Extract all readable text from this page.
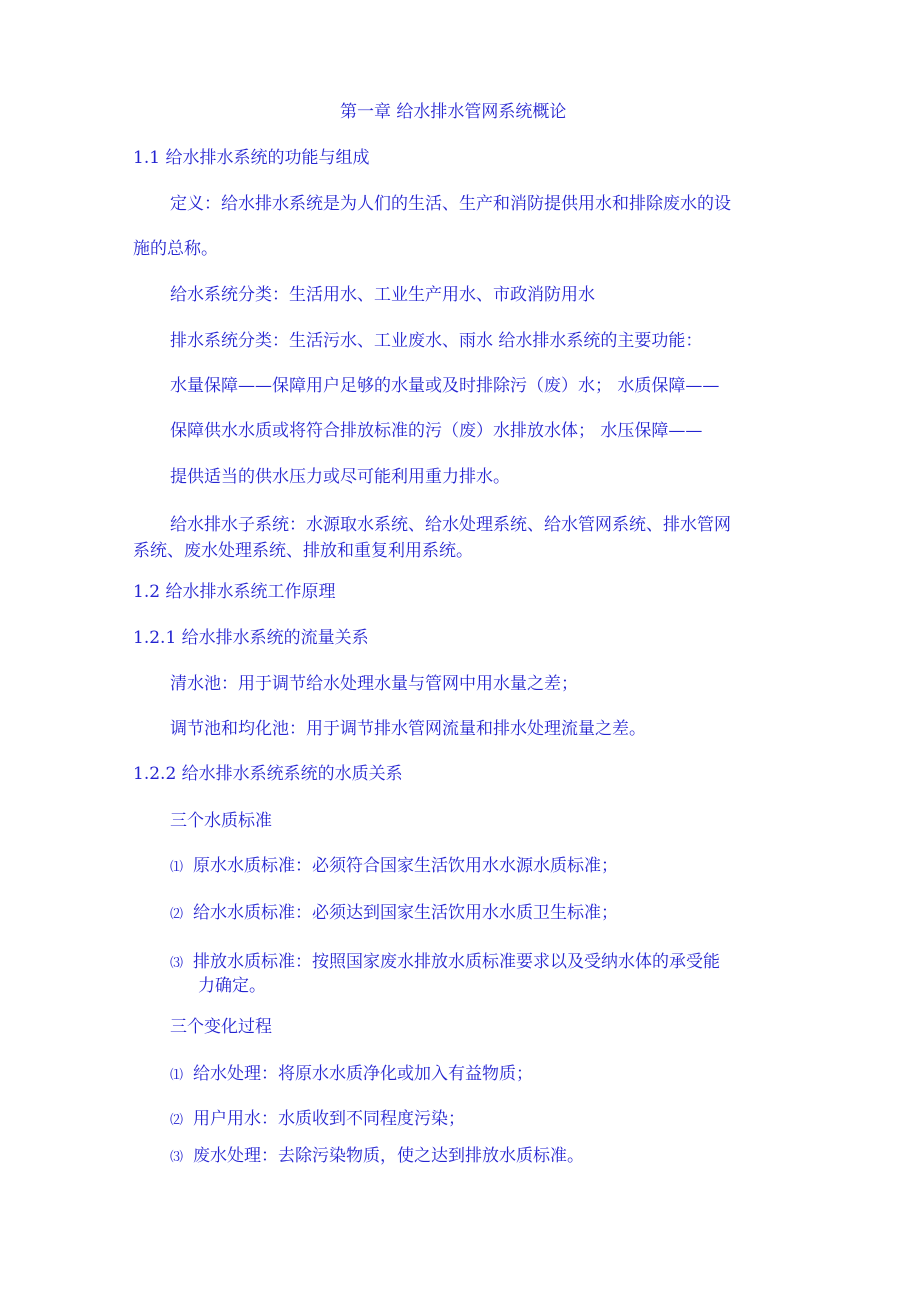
第一章 给水排水管网系统概论

1.1 给水排水系统的功能与组成

定义：给水排水系统是为人们的生活、生产和消防提供用水和排除废水的设

施的总称。

给水系统分类：生活用水、工业生产用水、市政消防用水

排水系统分类：生活污水、工业废水、雨水 给水排水系统的主要功能：

水量保障——保障用户足够的水量或及时排除污（废）水； 水质保障——

保障供水水质或将符合排放标准的污（废）水排放水体； 水压保障——

提供适当的供水压力或尽可能利用重力排水。

给水排水子系统：水源取水系统、给水处理系统、给水管网系统、排水管网

系统、废水处理系统、排放和重复利用系统。

1.2 给水排水系统工作原理

1.2.1 给水排水系统的流量关系

清水池：用于调节给水处理水量与管网中用水量之差；

调节池和均化池：用于调节排水管网流量和排水处理流量之差。

1.2.2 给水排水系统系统的水质关系

三个水质标准

⑴ 原水水质标准：必须符合国家生活饮用水水源水质标准；

⑵ 给水水质标准：必须达到国家生活饮用水水质卫生标准；

⑶ 排放水质标准：按照国家废水排放水质标准要求以及受纳水体的承受能

力确定。

三个变化过程

⑴ 给水处理：将原水水质净化或加入有益物质；

⑵ 用户用水：水质收到不同程度污染；

⑶ 废水处理：去除污染物质，使之达到排放水质标准。
